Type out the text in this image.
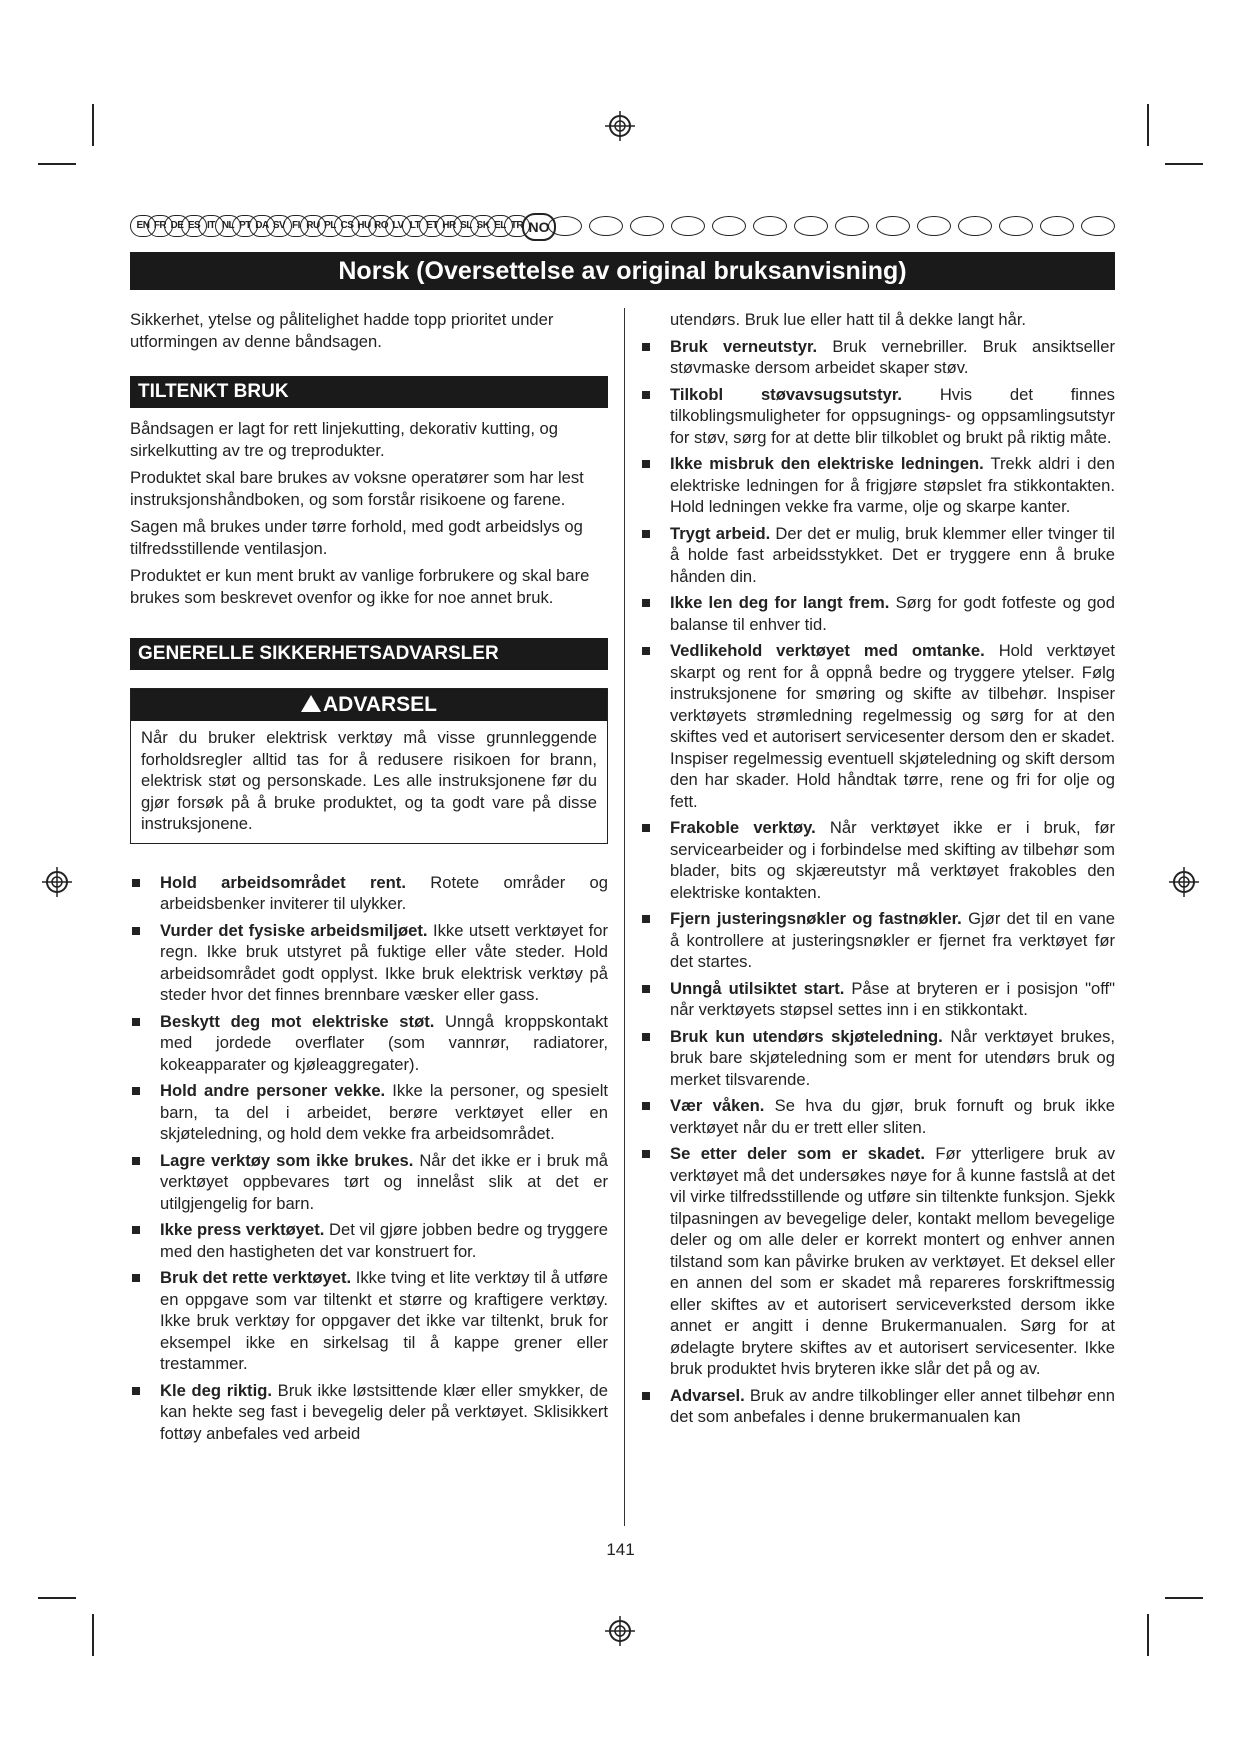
TR
EL
SK
SL
HR
ET
LT
LV
RO
HU
CS
PL
RU
FI
SV
DA
PT
NL
IT
ES
DE
FR
EN	NO
Norsk (Oversettelse av original bruksanvisning)

Sikkerhet, ytelse og pålitelighet hadde topp prioritet under utformingen av denne båndsagen.

TILTENKT BRUK

Båndsagen er lagt for rett linjekutting, dekorativ kutting, og sirkelkutting av tre og treprodukter.

Produktet skal bare brukes av voksne operatører som har lest instruksjonshåndboken, og som forstår risikoene og farene.

Sagen må brukes under tørre forhold, med godt arbeidslys og tilfredsstillende ventilasjon.

Produktet er kun ment brukt av vanlige forbrukere og skal bare brukes som beskrevet ovenfor og ikke for noe annet bruk.

GENERELLE SIKKERHETSADVARSLER
ADVARSEL
Når du bruker elektrisk verktøy må visse grunnleggende forholdsregler alltid tas for å redusere risikoen for brann, elektrisk støt og personskade. Les alle instruksjonene før du gjør forsøk på å bruke produktet, og ta godt vare på disse instruksjonene.
Hold arbeidsområdet rent. Rotete områder og arbeidsbenker inviterer til ulykker.
Vurder det fysiske arbeidsmiljøet. Ikke utsett verktøyet for regn. Ikke bruk utstyret på fuktige eller våte steder. Hold arbeidsområdet godt opplyst. Ikke bruk elektrisk verktøy på steder hvor det finnes brennbare væsker eller gass.
Beskytt deg mot elektriske støt. Unngå kroppskontakt med jordede overflater (som vannrør, radiatorer, kokeapparater og kjøleaggregater).
Hold andre personer vekke. Ikke la personer, og spesielt barn, ta del i arbeidet, berøre verktøyet eller en skjøteledning, og hold dem vekke fra arbeidsområdet.
Lagre verktøy som ikke brukes. Når det ikke er i bruk må verktøyet oppbevares tørt og innelåst slik at det er utilgjengelig for barn.
Ikke press verktøyet. Det vil gjøre jobben bedre og tryggere med den hastigheten det var konstruert for.
Bruk det rette verktøyet. Ikke tving et lite verktøy til å utføre en oppgave som var tiltenkt et større og kraftigere verktøy. Ikke bruk verktøy for oppgaver det ikke var tiltenkt, bruk for eksempel ikke en sirkelsag til å kappe grener eller trestammer.
Kle deg riktig. Bruk ikke løstsittende klær eller smykker, de kan hekte seg fast i bevegelig deler på verktøyet. Sklisikkert fottøy anbefales ved arbeid
utendørs. Bruk lue eller hatt til å dekke langt hår.
Bruk verneutstyr. Bruk vernebriller. Bruk ansiktseller støvmaske dersom arbeidet skaper støv.
Tilkobl støvavsugsutstyr. Hvis det finnes tilkoblingsmuligheter for oppsugnings- og oppsamlingsutstyr for støv, sørg for at dette blir tilkoblet og brukt på riktig måte.
Ikke misbruk den elektriske ledningen. Trekk aldri i den elektriske ledningen for å frigjøre støpslet fra stikkontakten. Hold ledningen vekke fra varme, olje og skarpe kanter.
Trygt arbeid. Der det er mulig, bruk klemmer eller tvinger til å holde fast arbeidsstykket. Det er tryggere enn å bruke hånden din.
Ikke len deg for langt frem. Sørg for godt fotfeste og god balanse til enhver tid.
Vedlikehold verktøyet med omtanke. Hold verktøyet skarpt og rent for å oppnå bedre og tryggere ytelser. Følg instruksjonene for smøring og skifte av tilbehør. Inspiser verktøyets strømledning regelmessig og sørg for at den skiftes ved et autorisert servicesenter dersom den er skadet. Inspiser regelmessig eventuell skjøteledning og skift dersom den har skader. Hold håndtak tørre, rene og fri for olje og fett.
Frakoble verktøy. Når verktøyet ikke er i bruk, før servicearbeider og i forbindelse med skifting av tilbehør som blader, bits og skjæreutstyr må verktøyet frakobles den elektriske kontakten.
Fjern justeringsnøkler og fastnøkler. Gjør det til en vane å kontrollere at justeringsnøkler er fjernet fra verktøyet før det startes.
Unngå utilsiktet start. Påse at bryteren er i posisjon "off" når verktøyets støpsel settes inn i en stikkontakt.
Bruk kun utendørs skjøteledning. Når verktøyet brukes, bruk bare skjøteledning som er ment for utendørs bruk og merket tilsvarende.
Vær våken. Se hva du gjør, bruk fornuft og bruk ikke verktøyet når du er trett eller sliten.
Se etter deler som er skadet. Før ytterligere bruk av verktøyet må det undersøkes nøye for å kunne fastslå at det vil virke tilfredsstillende og utføre sin tiltenkte funksjon. Sjekk tilpasningen av bevegelige deler, kontakt mellom bevegelige deler og om alle deler er korrekt montert og enhver annen tilstand som kan påvirke bruken av verktøyet. Et deksel eller en annen del som er skadet må repareres forskriftmessig eller skiftes av et autorisert serviceverksted dersom ikke annet er angitt i denne Brukermanualen. Sørg for at ødelagte brytere skiftes av et autorisert servicesenter. Ikke bruk produktet hvis bryteren ikke slår det på og av.
Advarsel. Bruk av andre tilkoblinger eller annet tilbehør enn det som anbefales i denne brukermanualen kan
141
